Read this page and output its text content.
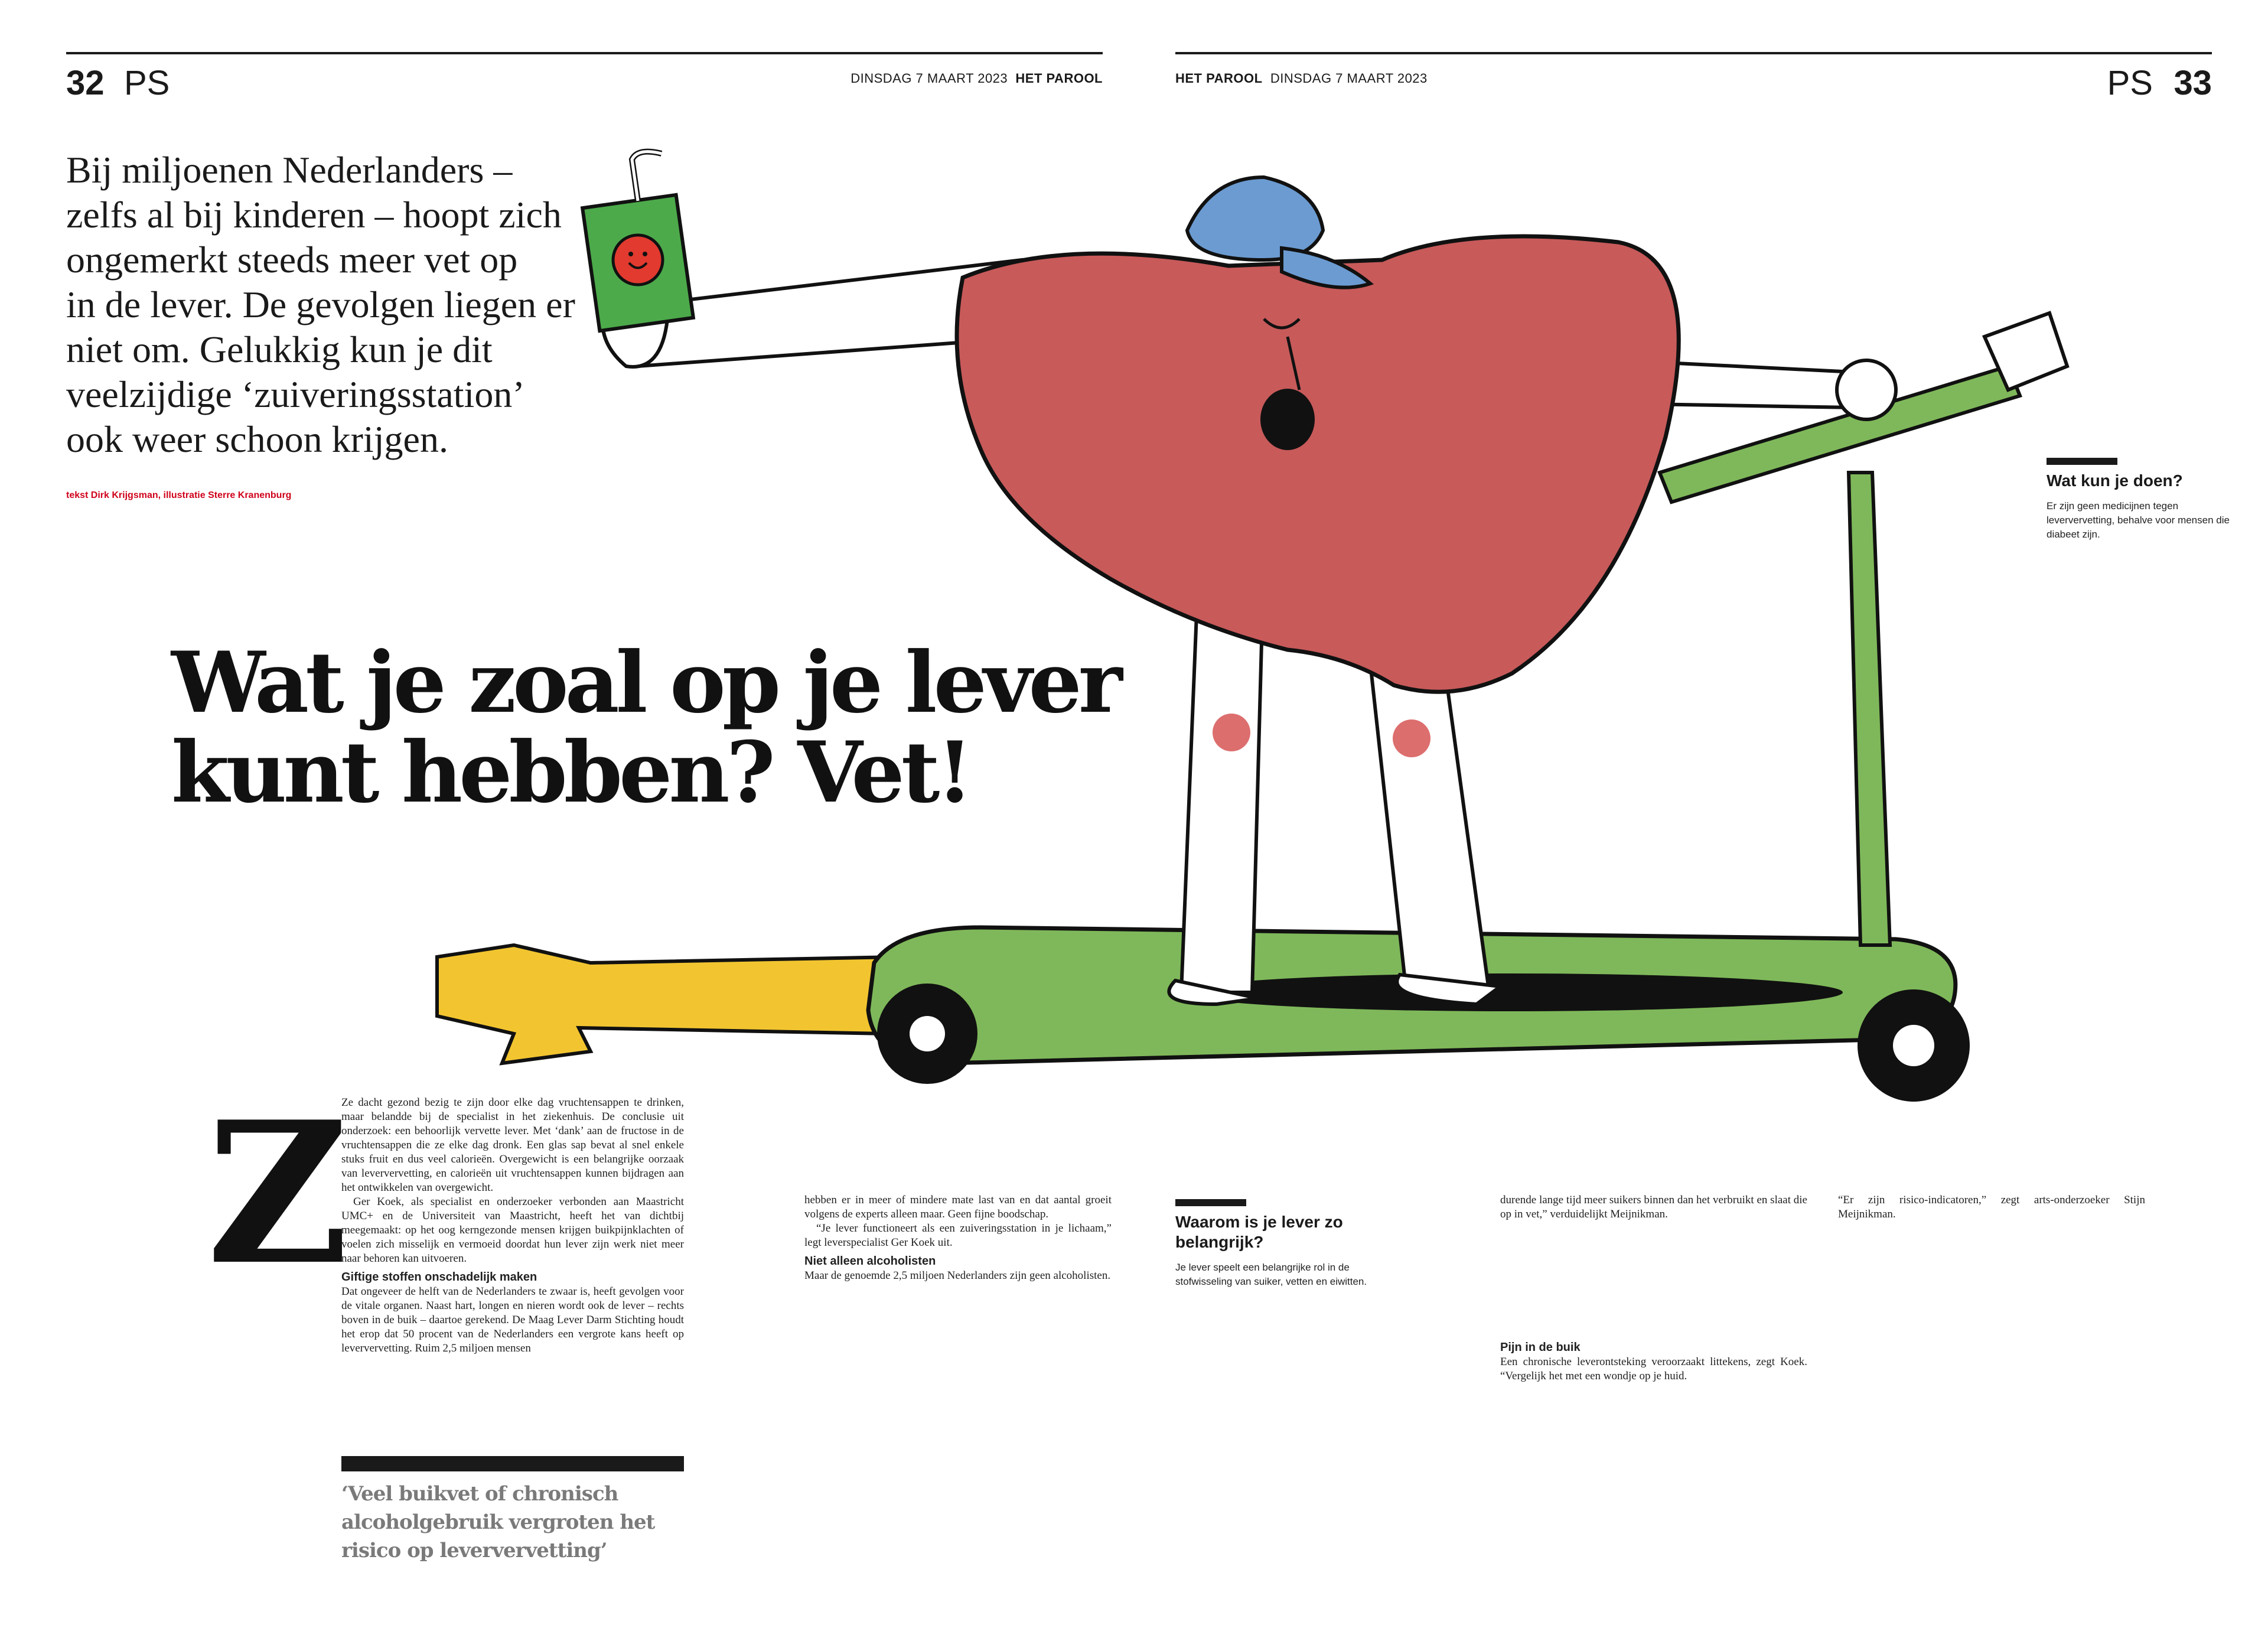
32 PS	DINSDAG 7 MAART 2023 HET PAROOL	HET PAROOL DINSDAG 7 MAART 2023	PS 33
Bij miljoenen Nederlanders –
zelfs al bij kinderen – hoopt zich
ongemerkt steeds meer vet op
in de lever. De gevolgen liegen er
niet om. Gelukkig kun je dit
veelzijdige ‘zuiveringsstation’
ook weer schoon krijgen.
tekst Dirk Krijgsman, illustratie Sterre Kranenburg
Wat je zoal op je lever
kunt hebben? Vet!
Z

Ze dacht gezond bezig te zijn door elke dag vruchtensappen te drinken, maar belandde bij de specialist in het ziekenhuis. De conclusie uit onderzoek: een behoorlijk vervette lever. Met ‘dank’ aan de fructose in de vruchtensappen die ze elke dag dronk. Een glas sap bevat al snel enkele stuks fruit en dus veel calorieën. Overgewicht is een belangrijke oorzaak van leververvetting, en calorieën uit vruchtensappen kunnen bijdragen aan het ontwikkelen van overgewicht.

Ger Koek, als specialist en onderzoeker verbonden aan Maastricht UMC+ en de Universiteit van Maastricht, heeft het van dichtbij meegemaakt: op het oog kerngezonde mensen krijgen buikpijnklachten of voelen zich misselijk en vermoeid doordat hun lever zijn werk niet meer naar behoren kan uitvoeren.

Giftige stoffen onschadelijk maken

Dat ongeveer de helft van de Nederlanders te zwaar is, heeft gevolgen voor de vitale organen. Naast hart, longen en nieren wordt ook de lever – rechts boven in de buik – daartoe gerekend. De Maag Lever Darm Stichting houdt het erop dat 50 procent van de Nederlanders een vergrote kans heeft op leververvetting. Ruim 2,5 miljoen mensen

‘Veel buikvet of chronisch alcoholgebruik vergroten het risico op leververvetting’

hebben er in meer of mindere mate last van en dat aantal groeit volgens de experts alleen maar. Geen fijne boodschap.

“Je lever functioneert als een zuiveringsstation in je lichaam,” legt leverspecialist Ger Koek uit.

Niet alleen alcoholisten

Maar de genoemde 2,5 miljoen Nederlanders zijn geen alcoholisten.

Waarom is je lever zo belangrijk?
Je lever speelt een belangrijke rol in de stofwisseling van suiker, vetten en eiwitten.

durende lange tijd meer suikers binnen dan het verbruikt en slaat die op in vet,” verduidelijkt Meijnikman.

Pijn in de buik

Een chronische leverontsteking veroorzaakt littekens, zegt Koek. “Vergelijk het met een wondje op je huid.

“Er zijn risico-indicatoren,” zegt arts-onderzoeker Stijn Meijnikman.

Wat kun je doen?
Er zijn geen medicijnen tegen leververvetting, behalve voor mensen die diabeet zijn.
